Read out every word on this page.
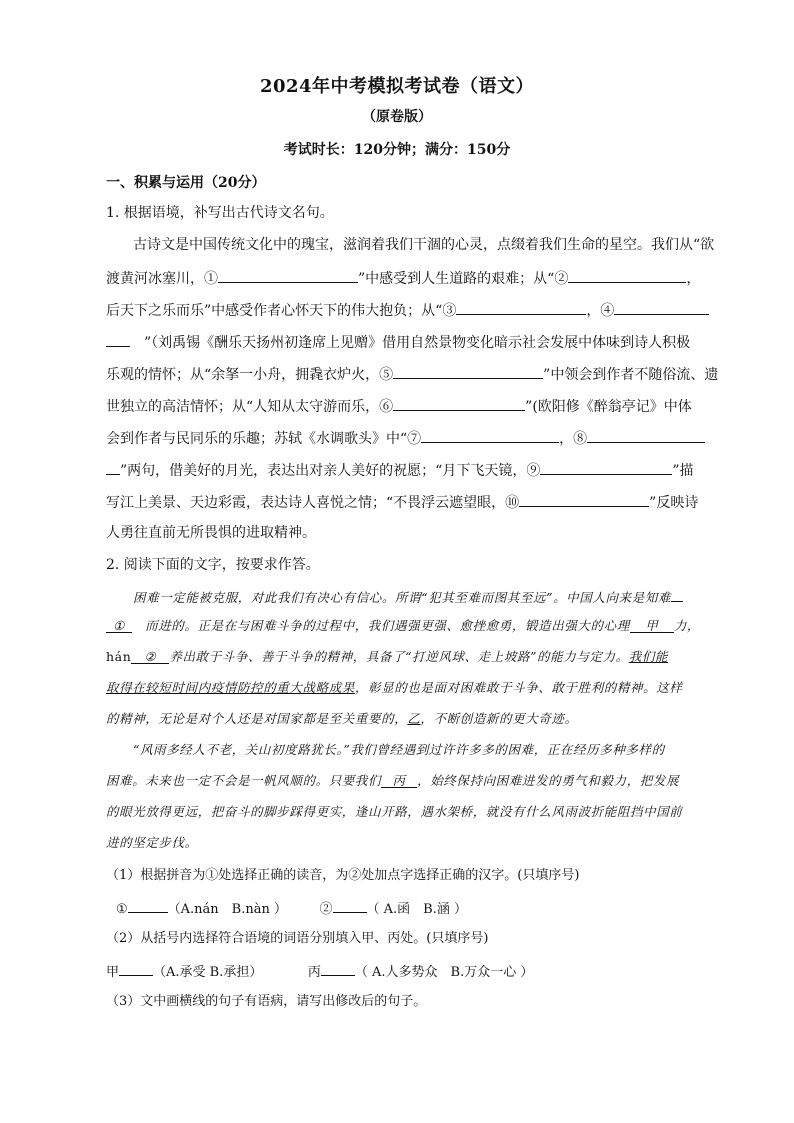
2024年中考模拟考试卷（语文）
（原卷版）
考试时长：120分钟；满分：150分
一、积累与运用（20分）
1. 根据语境，补写出古代诗文名句。
古诗文是中国传统文化中的瑰宝，滋润着我们干涸的心灵，点缀着我们生命的星空。我们从“欲
渡黄河冰塞川，①	”中感受到人生道路的艰难；从“②	，
后天下之乐而乐”中感受作者心怀天下的伟大抱负；从“③	，④
　”（刘禹锡《酬乐天扬州初逢席上见赠》借用自然景物变化暗示社会发展中体味到诗人积极
乐观的情怀；从“余拏一小舟，拥毳衣炉火，⑤	”中领会到作者不随俗流、遗
世独立的高洁情怀；从“人知从太守游而乐，⑥	”(欧阳修《醉翁亭记》中体
会到作者与民同乐的乐趣；苏轼《水调歌头》中“⑦	，⑧
”两句，借美好的月光，表达出对亲人美好的祝愿；“月下飞天镜，⑨	”描
写江上美景、天边彩霞，表达诗人喜悦之情；“不畏浮云遮望眼，⑩	”反映诗
人勇往直前无所畏惧的进取精神。
2. 阅读下面的文字，按要求作答。
困难一定能被克服，对此我们有决心有信心。所谓“犯其至难而图其至远”。中国人向来是知难
①　 而进的。正是在与困难斗争的过程中，我们遇强更强、愈挫愈勇，锻造出强大的心理 甲 力，
hán ② 养出敢于斗争、善于斗争的精神，具备了“打逆风球、走上坡路”的能力与定力。我们能
取得在较短时间内疫情防控的重大战略成果，彰显的也是面对困难敢于斗争、敢于胜利的精神。这样
的精神，无论是对个人还是对国家都是至关重要的，乙，不断创造新的更大奇迹。
“风雨多经人不老，关山初度路犹长。”我们曾经遇到过许许多多的困难，正在经历多种多样的
困难。未来也一定不会是一帆风顺的。只要我们 丙 ，始终保持向困难进发的勇气和毅力，把发展
的眼光放得更远，把奋斗的脚步踩得更实，逢山开路，遇水架桥，就没有什么风雨波折能阻挡中国前
进的坚定步伐。
（1）根据拼音为①处选择正确的读音，为②处加点字选择正确的汉字。(只填序号)
①	（A.nán　B.nàn ）　　　	②	（ A.函　B.涵 ）
（2）从括号内选择符合语境的词语分别填入甲、丙处。(只填序号)
甲	（A.承受 B.承担）　　　　	丙	（ A.人多势众　B.万众一心 ）
（3）文中画横线的句子有语病，请写出修改后的句子。
